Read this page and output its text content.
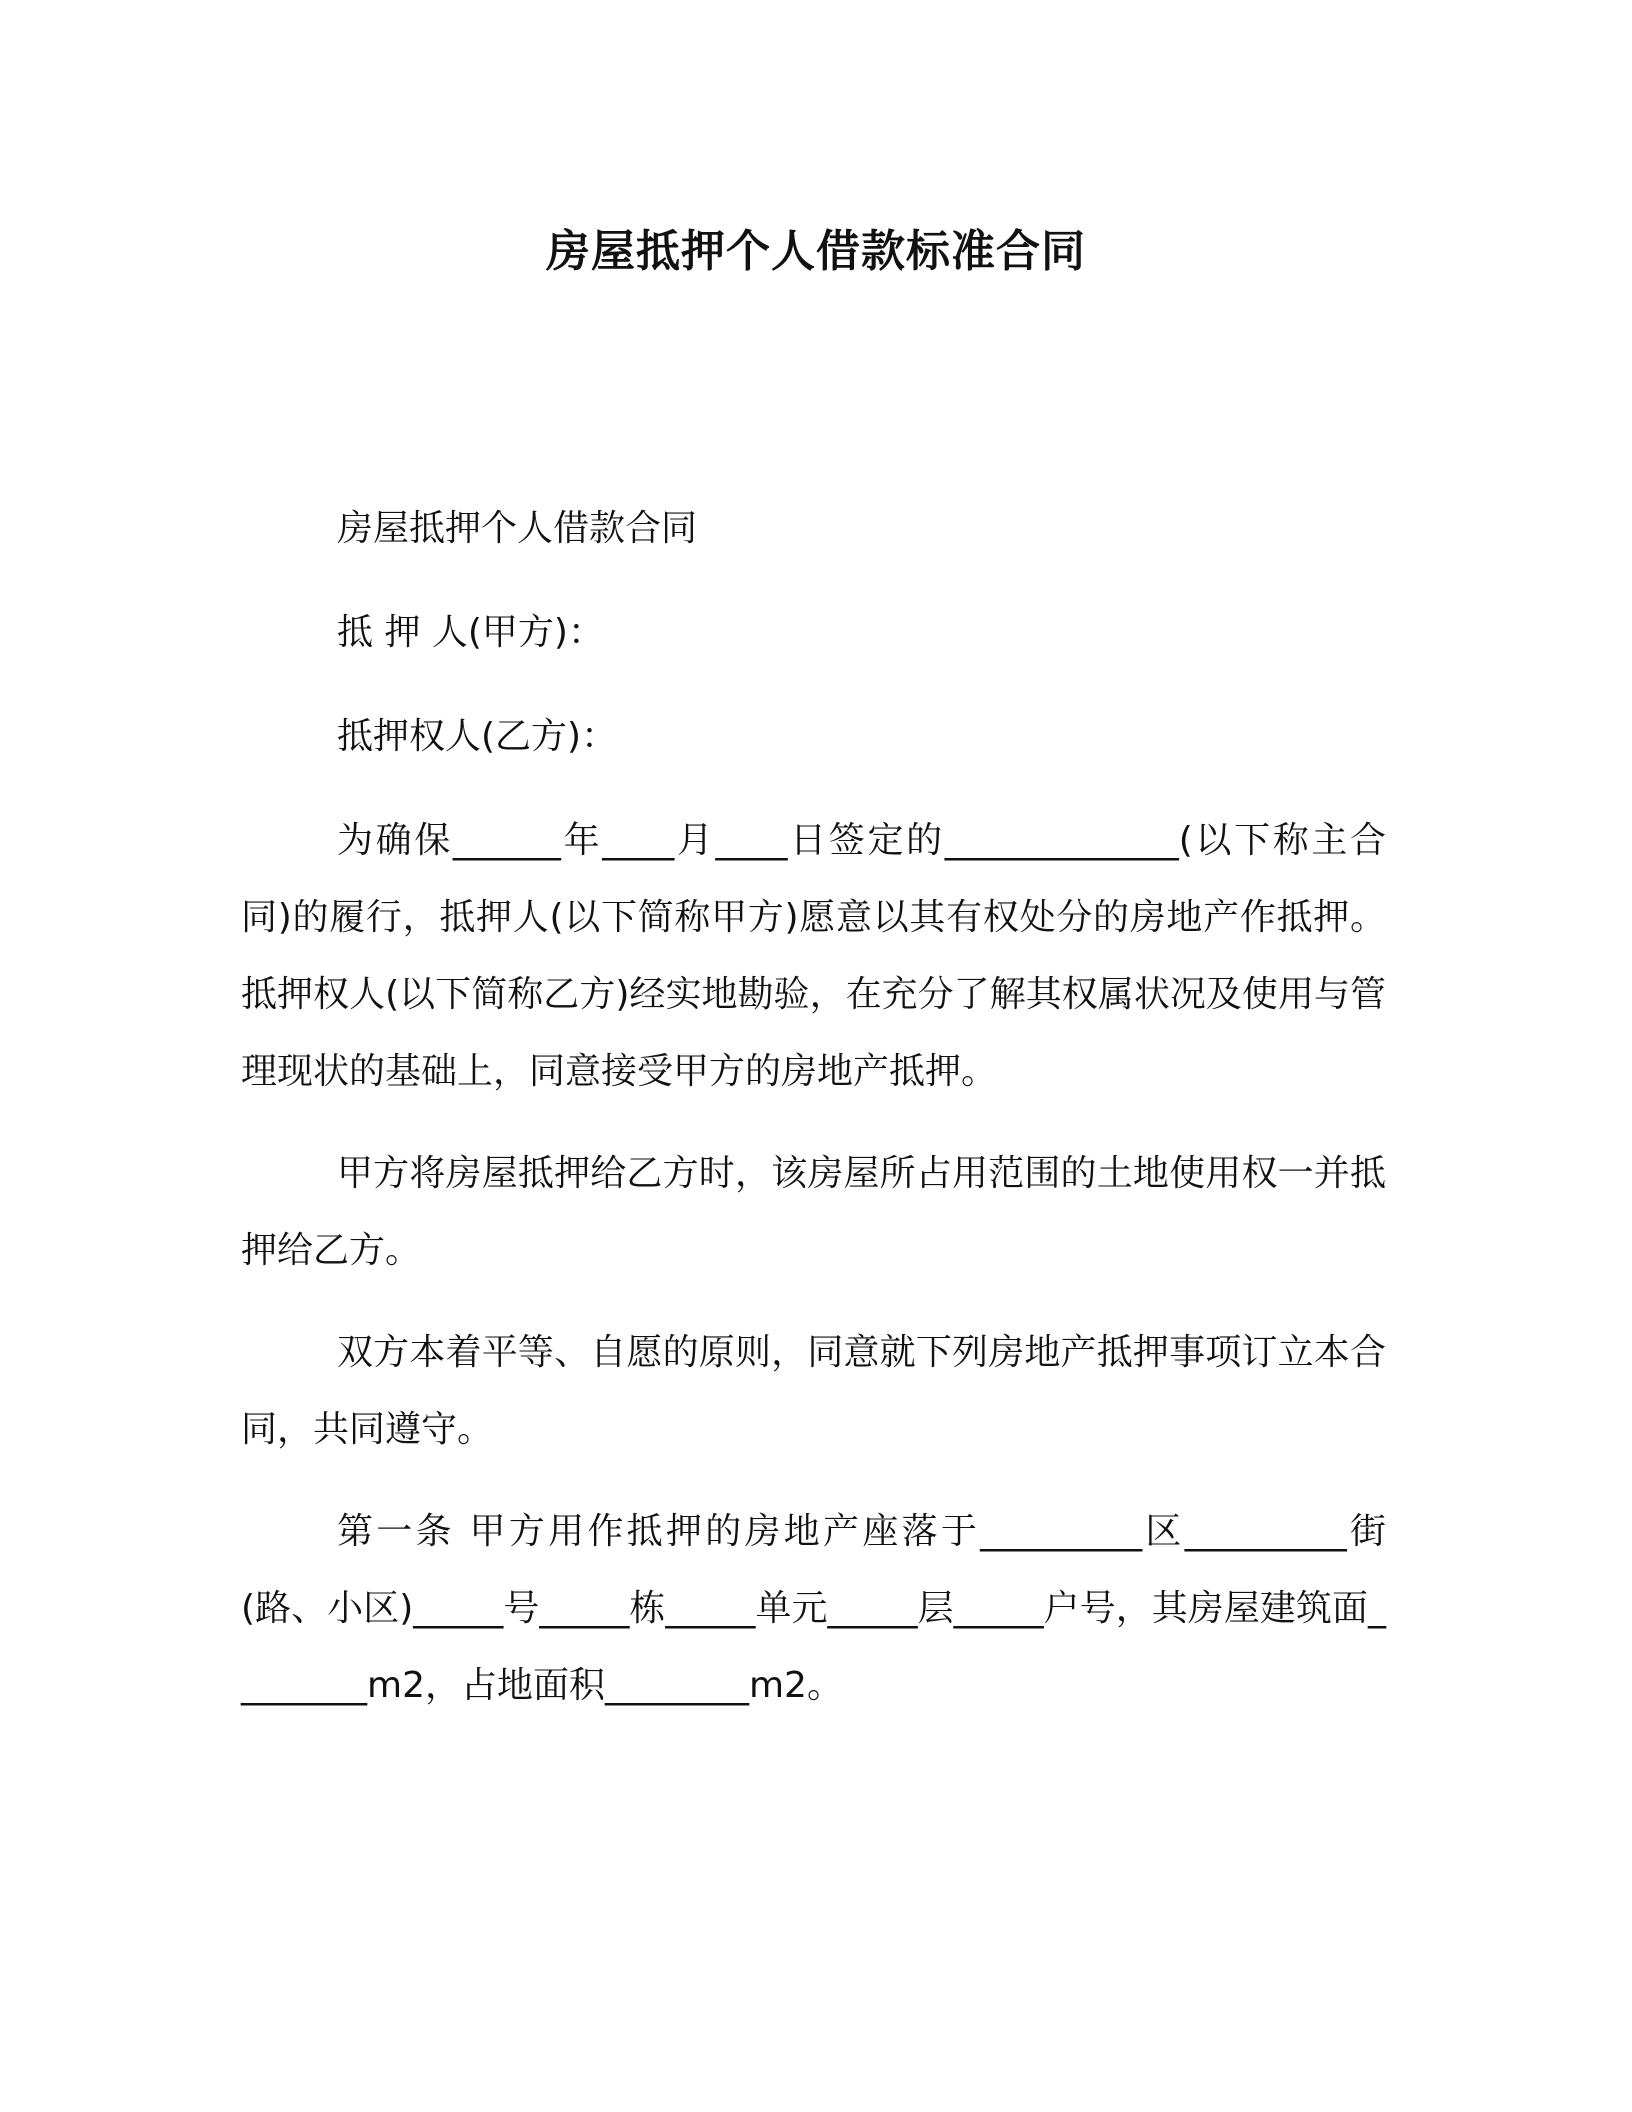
房屋抵押个人借款标准合同

房屋抵押个人借款合同

抵 押 人(甲方)：

抵押权人(乙方)：

为确保______年____月____日签定的_____________(以下称主合同)的履行，抵押人(以下简称甲方)愿意以其有权处分的房地产作抵押。抵押权人(以下简称乙方)经实地勘验，在充分了解其权属状况及使用与管理现状的基础上，同意接受甲方的房地产抵押。

甲方将房屋抵押给乙方时，该房屋所占用范围的土地使用权一并抵押给乙方。

双方本着平等、自愿的原则，同意就下列房地产抵押事项订立本合同，共同遵守。

第一条 甲方用作抵押的房地产座落于_________区_________街(路、小区)_____号_____栋_____单元_____层_____户号，其房屋建筑面________m2，占地面积________m2。
